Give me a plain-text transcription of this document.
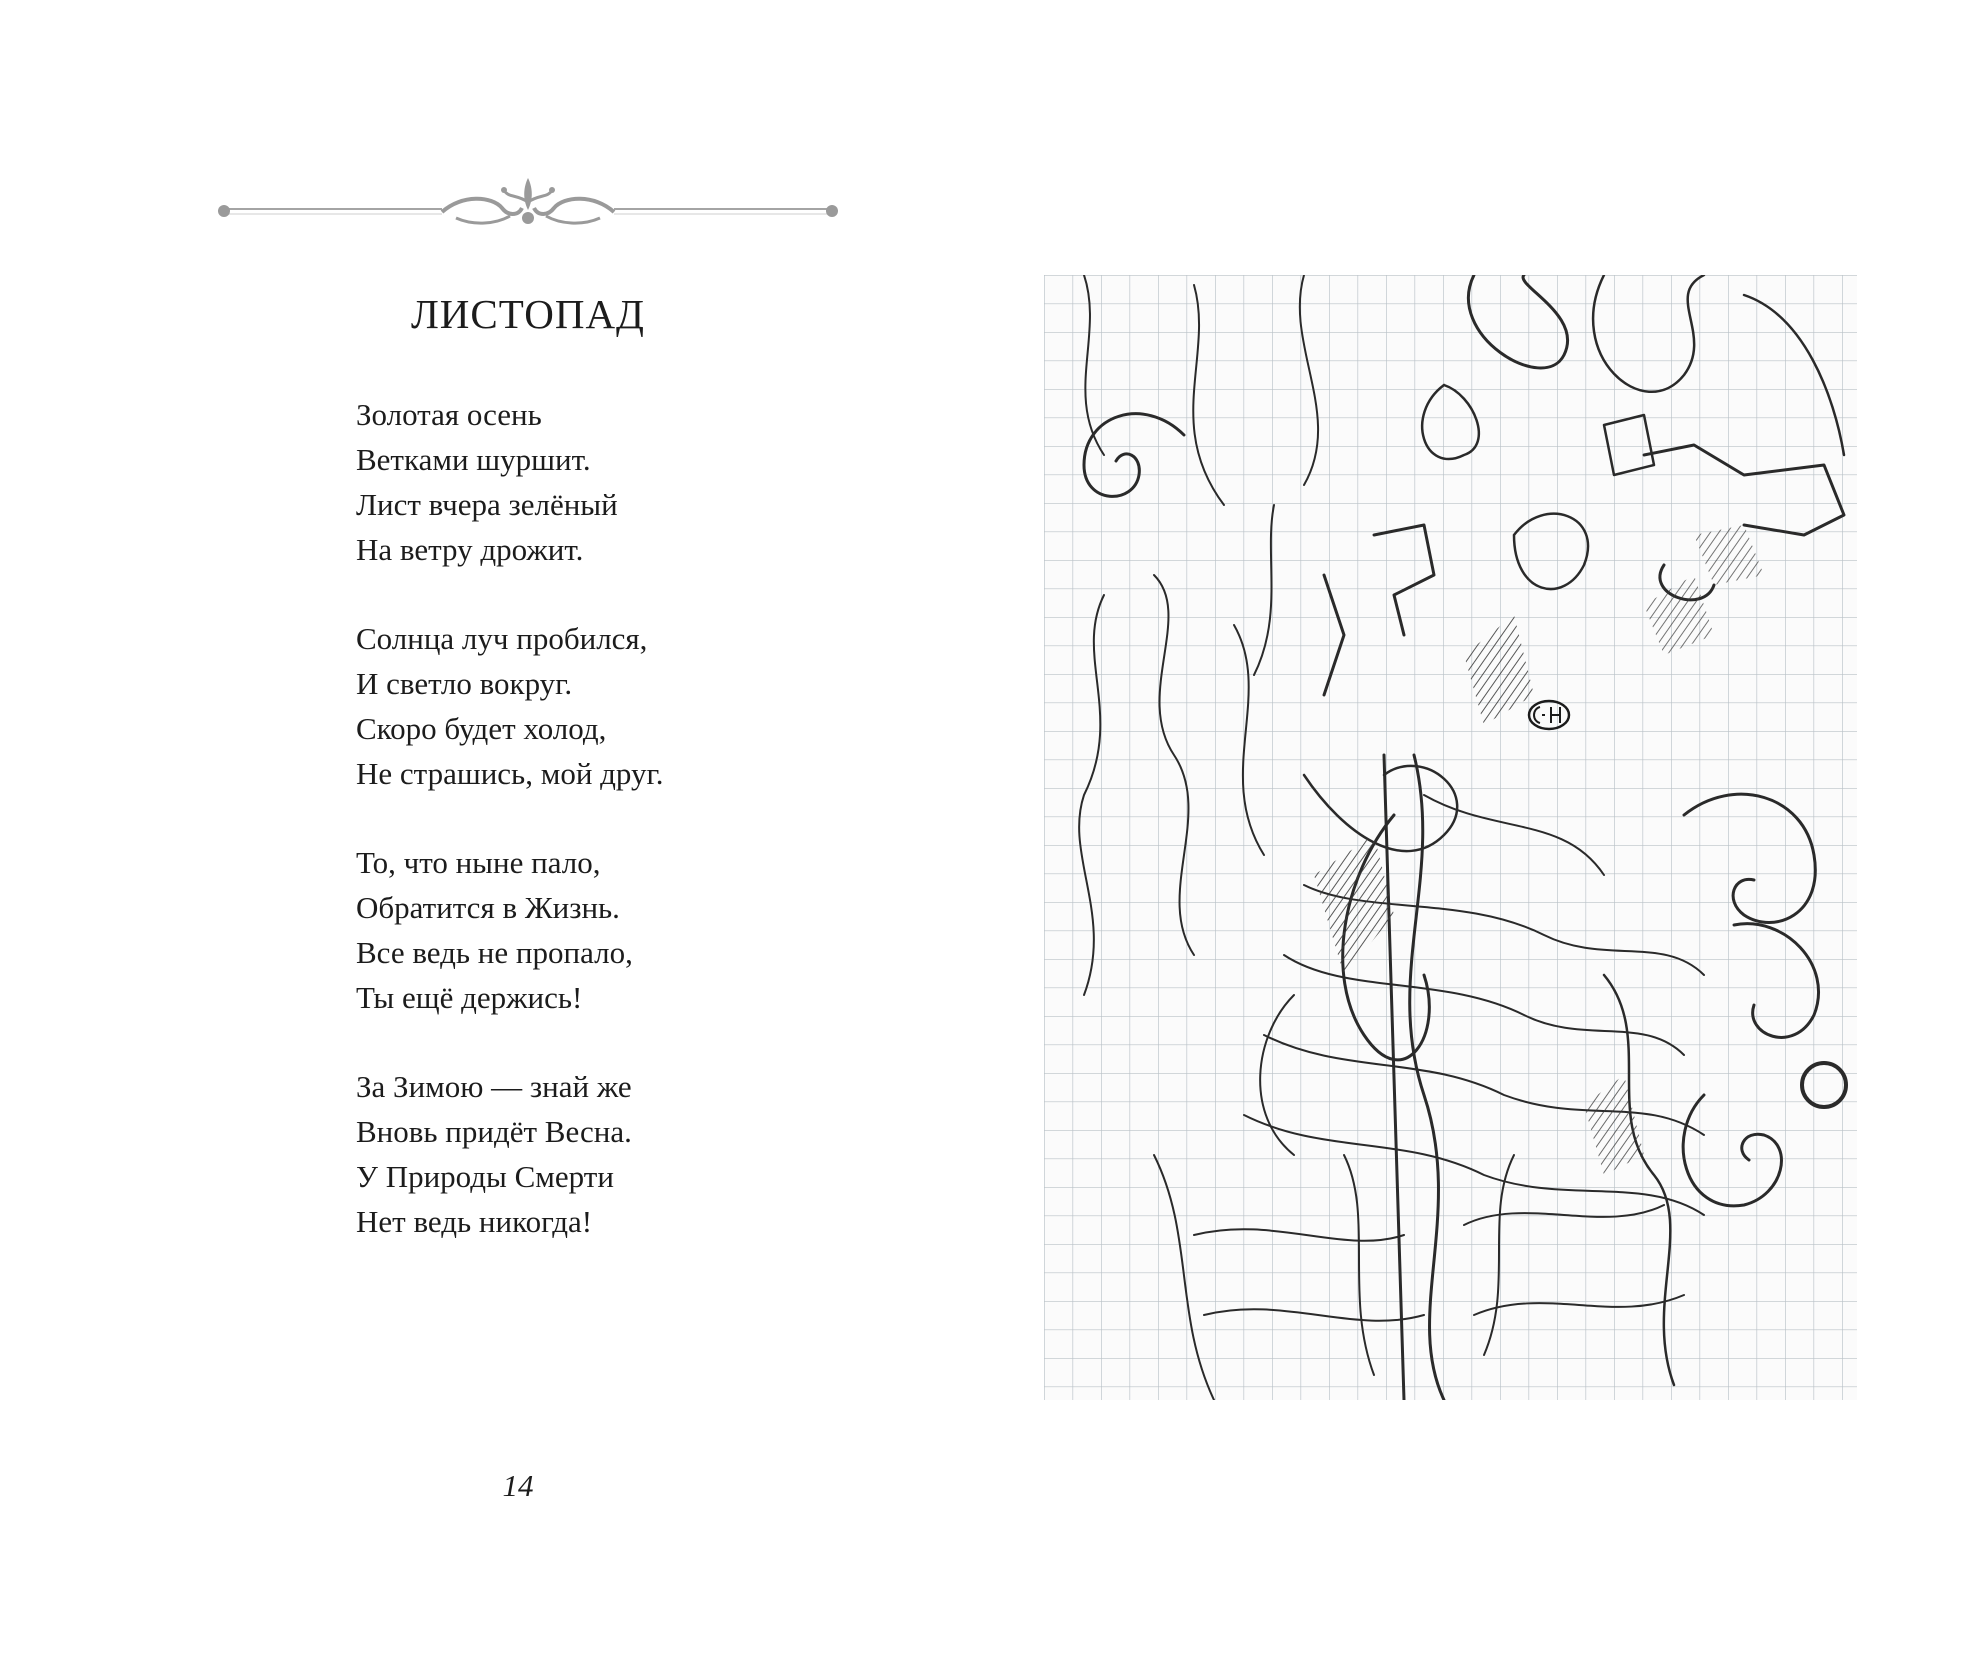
ЛИСТОПАД
Золотая осень
Ветками шуршит.
Лист вчера зелёный
На ветру дрожит.
Солнца луч пробился,
И светло вокруг.
Скоро будет холод,
Не страшись, мой друг.
То, что ныне пало,
Обратится в Жизнь.
Все ведь не пропало,
Ты ещё держись!
За Зимою — знай же
Вновь придёт Весна.
У Природы Смерти
Нет ведь никогда!
14
